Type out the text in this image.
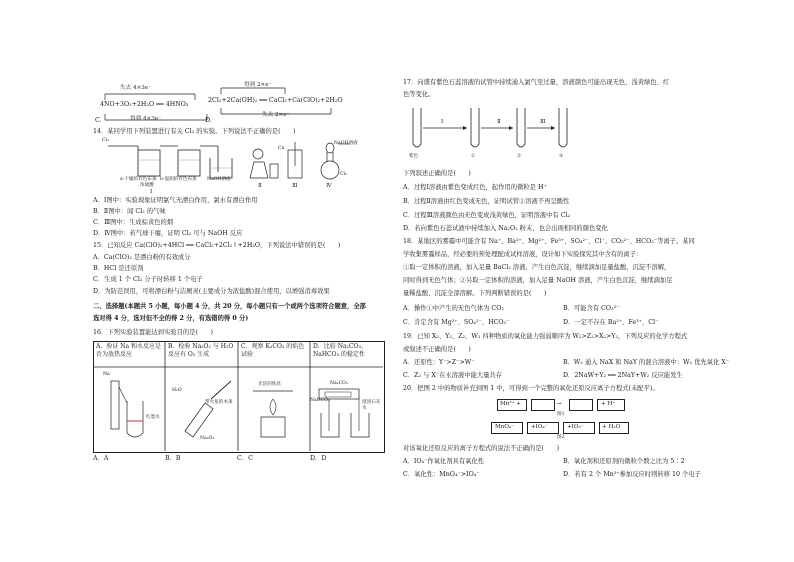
失去 4×3e⁻
4NO+3O₂+2H₂O ══ 4HNO₃
得到 4×3e⁻
C.
得到 2×e⁻
2Cl₂+2Ca(OH)₂ ══ CaCl₂+Ca(ClO)₂+2H₂O
失去 2×e⁻
D.
14．某同学用下列装置进行有关 Cl₂ 的实验。下列说法不正确的是(　　)
Cl₂
a-干燥的有色布条 b-湿润的有色布条
浓硫酸
NaOH溶液
Ⅰ
Ⅱ	Ⅲ	Ⅳ
Cu
Cl₂
NaOH溶液
A．Ⅰ图中：实验现象证明氯气无漂白作用，氯水有漂白作用
B．Ⅱ图中：闻 Cl₂ 的气味
C．Ⅲ图中：生成棕黄色的烟
D．Ⅳ图中：若气球干瘪，证明 Cl₂ 可与 NaOH 反应
15．已知反应 Ca(ClO)₂+4HCl ══ CaCl₂+2Cl₂↑+2H₂O，下列说法中错误的是(　　)
A．Ca(ClO)₂ 是漂白粉的有效成分
B．HCl 是还原剂
C．生成 1 个 Cl₂ 分子时转移 1 个电子
D．为防范误用，可将漂白粉与洁厕灵(主要成分为浓盐酸)混合使用，以增强消毒效果
二、选择题(本题共 5 小题，每小题 4 分，共 20 分，每小题只有一个或两个选项符合题意，全部
选对得 4 分，选对但不全的得 2 分，有选错的得 0 分)
16．下列实验装置能达到实验目的是(　　)
A．验证 Na 和水反应是否为放热反应
B．检验 Na₂O₂ 与 H₂O 反应有 O₂ 生成
C．观察 K₂CO₃ 的焰色试验
D．比较 Na₂CO₃、NaHCO₃ 的稳定性
Na
红墨水
H₂O
带火星的木条
Na₂O₂
光洁的铁丝	Na₂CO₃
NaHCO₃	澄清石灰水
A．A	B．B	C．C	D．D
17．向盛有紫色石蕊溶液的试管中持续通入氯气至过量，溶液颜色可能出现无色、浅黄绿色、红
色等变化。
Ⅰ	Ⅱ	Ⅲ
紫色	①	②	③
下列叙述正确的是(　　)
A．过程Ⅰ溶液由紫色变成红色，起作用的微粒是 H⁺
B．过程Ⅱ溶液由红色变成无色，证明试管②溶液不再呈酸性
C．过程Ⅲ溶液颜色由无色变成浅黄绿色，证明溶液中有 Cl₂
D．若向紫色石蕊试液中持续加入 Na₂O₂ 粉末，也会出现相同的颜色变化
18．某地区的雾霾中可能含有 Na⁺、Ba²⁺、Mg²⁺、Fe³⁺、SO₄²⁻、Cl⁻、CO₃²⁻、HCO₃⁻等离子。某同
学收集雾霾样品，经必要的预处理配成试样溶液，设计如下实验探究其中含有的离子：
①取一定体积的溶液，加入足量 BaCl₂ 溶液，产生白色沉淀，继续滴加足量盐酸，沉淀不溶解，
同时得到无色气体；②另取一定体积的溶液，加入足量 NaOH 溶液，产生白色沉淀，继续滴加足
量稀盐酸，沉淀全部溶解。下列判断错误的是(　　)
A．操作①中产生的无色气体为 CO₂	B．可能含有 CO₃²⁻
C．肯定含有 Mg²⁺、SO₄²⁻、HCO₃⁻	D．一定不存在 Ba²⁺、Fe³⁺、Cl⁻
19．已知 X₂、Y₂、Z₂、W₂ 四种物质的氧化能力强弱顺序为 W₂>Z₂>X₂>Y₂，下列反应的化学方程式
或叙述不正确的是(　　)
A．还原性：Y⁻>Z⁻>W⁻	B．W₂ 通入 NaX 和 NaY 的混合溶液中：W₂ 优先氧化 X⁻
C．Z₂ 与 X⁻在水溶液中能大量共存	D．2NaW+Y₂ ══ 2NaY+W₂ 反应能发生
20．把图 2 中的物质补充到图 1 中，可得到一个完整的氧化还原反应离子方程式(未配平)。
Mn²⁺ +	→	+ H⁺
图1
MnO₄⁻	+IO₄⁻	+IO₃⁻	+ H₂O
图2
对该氧化还原反应的离子方程式的说法不正确的是(　　)
A．IO₄⁻作氧化剂具有氧化性	B．氧化剂和还原剂的微粒个数之比为 5∶2
C．氧化性：MnO₄⁻>IO₄⁻	D．若有 2 个 Mn²⁺参加反应时则转移 10 个电子
